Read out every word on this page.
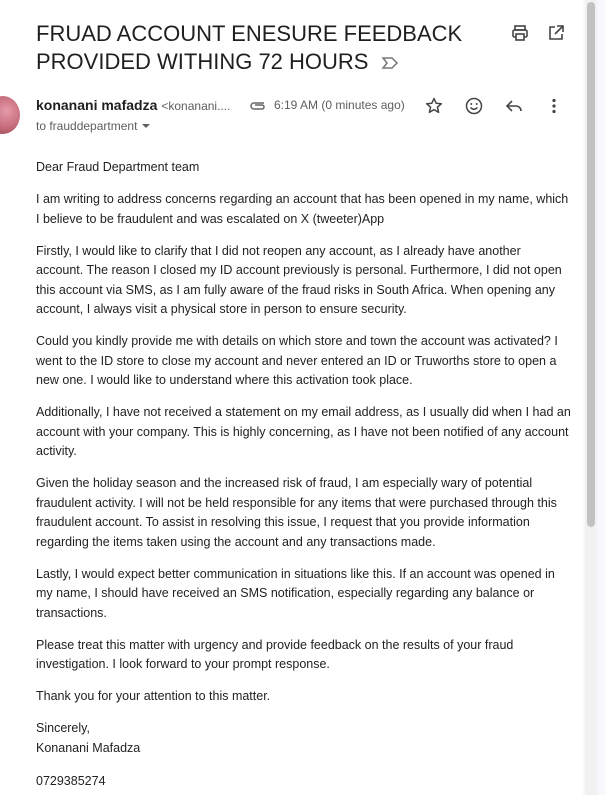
FRUAD ACCOUNT ENESURE FEEDBACK PROVIDED WITHING 72 HOURS
konanani mafadza <konanani....
to frauddepartment
6:19 AM (0 minutes ago)

Dear Fraud Department team

I am writing to address concerns regarding an account that has been opened in my name, which I believe to be fraudulent and was escalated on X (tweeter)App

Firstly, I would like to clarify that I did not reopen any account, as I already have another account. The reason I closed my ID account previously is personal. Furthermore, I did not open this account via SMS, as I am fully aware of the fraud risks in South Africa. When opening any account, I always visit a physical store in person to ensure security.

Could you kindly provide me with details on which store and town the account was activated? I went to the ID store to close my account and never entered an ID or Truworths store to open a new one. I would like to understand where this activation took place.

Additionally, I have not received a statement on my email address, as I usually did when I had an account with your company. This is highly concerning, as I have not been notified of any account activity.

Given the holiday season and the increased risk of fraud, I am especially wary of potential fraudulent activity. I will not be held responsible for any items that were purchased through this fraudulent account. To assist in resolving this issue, I request that you provide information regarding the items taken using the account and any transactions made.

Lastly, I would expect better communication in situations like this. If an account was opened in my name, I should have received an SMS notification, especially regarding any balance or transactions.

Please treat this matter with urgency and provide feedback on the results of your fraud investigation. I look forward to your prompt response.

Thank you for your attention to this matter.

Sincerely,
Konanani Mafadza

0729385274
